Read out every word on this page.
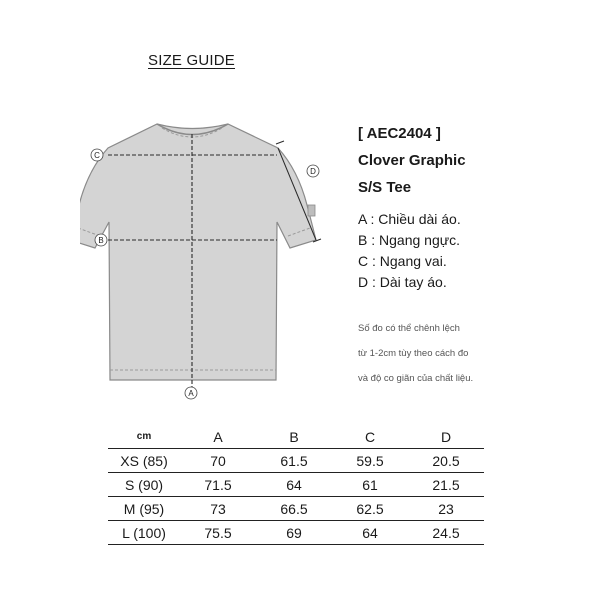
SIZE GUIDE
A
B
C
D
[ AEC2404 ]
Clover Graphic
S/S Tee
A : Chiều dài áo.
B : Ngang ngực.
C : Ngang vai.
D : Dài tay áo.
Số đo có thể chênh lệch
từ 1-2cm tùy theo cách đo
và độ co giãn của chất liệu.
cm	A	B	C	D
XS (85)	70	61.5	59.5	20.5
S (90)	71.5	64	61	21.5
M (95)	73	66.5	62.5	23
L (100)	75.5	69	64	24.5
